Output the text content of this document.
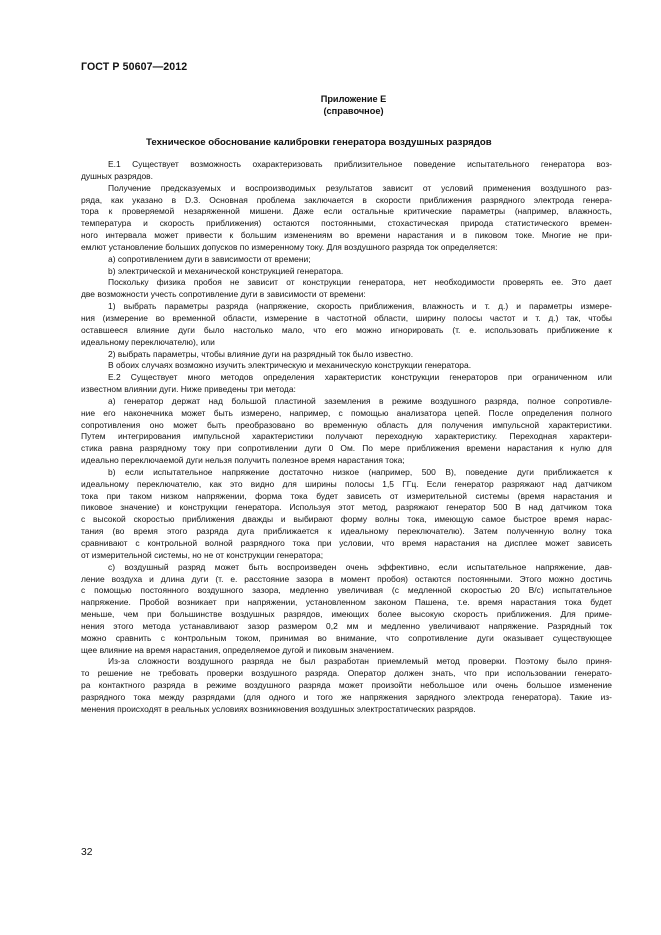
ГОСТ Р 50607—2012
Приложение Е
(справочное)
Техническое обоснование калибровки генератора воздушных разрядов
Е.1 Существует возможность охарактеризовать приблизительное поведение испытательного генератора воз-
душных разрядов.
Получение предсказуемых и воспроизводимых результатов зависит от условий применения воздушного раз-
ряда, как указано в D.3. Основная проблема заключается в скорости приближения разрядного электрода генера-
тора к проверяемой незаряженной мишени. Даже если остальные критические параметры (например, влажность,
температура и скорость приближения) остаются постоянными, стохастическая природа статистического времен-
ного интервала может привести к большим изменениям во времени нарастания и в пиковом токе. Многие не при-
емлют установление больших допусков по измеренному току. Для воздушного разряда ток определяется:
а) сопротивлением дуги в зависимости от времени;
b) электрической и механической конструкцией генератора.
Поскольку физика пробоя не зависит от конструкции генератора, нет необходимости проверять ее. Это дает
две возможности учесть сопротивление дуги в зависимости от времени:
1) выбрать параметры разряда (напряжение, скорость приближения, влажность и т. д.) и параметры измере-
ния (измерение во временной области, измерение в частотной области, ширину полосы частот и т. д.) так, чтобы
оставшееся влияние дуги было настолько мало, что его можно игнорировать (т. е. использовать приближение к
идеальному переключателю), или
2) выбрать параметры, чтобы влияние дуги на разрядный ток было известно.
В обоих случаях возможно изучить электрическую и механическую конструкции генератора.
Е.2 Существует много методов определения характеристик конструкции генераторов при ограниченном или
известном влиянии дуги. Ниже приведены три метода:
а) генератор держат над большой пластиной заземления в режиме воздушного разряда, полное сопротивле-
ние его наконечника может быть измерено, например, с помощью анализатора цепей. После определения полного
сопротивления оно может быть преобразовано во временную область для получения импульсной характеристики.
Путем интегрирования импульсной характеристики получают переходную характеристику. Переходная характери-
стика равна разрядному току при сопротивлении дуги 0 Ом. По мере приближения времени нарастания к нулю для
идеально переключаемой дуги нельзя получить полезное время нарастания тока;
b) если испытательное напряжение достаточно низкое (например, 500 В), поведение дуги приближается к
идеальному переключателю, как это видно для ширины полосы 1,5 ГГц. Если генератор разряжают над датчиком
тока при таком низком напряжении, форма тока будет зависеть от измерительной системы (время нарастания и
пиковое значение) и конструкции генератора. Используя этот метод, разряжают генератор 500 В над датчиком тока
с высокой скоростью приближения дважды и выбирают форму волны тока, имеющую самое быстрое время нарас-
тания (во время этого разряда дуга приближается к идеальному переключателю). Затем полученную волну тока
сравнивают с контрольной волной разрядного тока при условии, что время нарастания на дисплее может зависеть
от измерительной системы, но не от конструкции генератора;
с) воздушный разряд может быть воспроизведен очень эффективно, если испытательное напряжение, дав-
ление воздуха и длина дуги (т. е. расстояние зазора в момент пробоя) остаются постоянными. Этого можно достичь
с помощью постоянного воздушного зазора, медленно увеличивая (с медленной скоростью 20 В/с) испытательное
напряжение. Пробой возникает при напряжении, установленном законом Пашена, т.е. время нарастания тока будет
меньше, чем при большинстве воздушных разрядов, имеющих более высокую скорость приближения. Для приме-
нения этого метода устанавливают зазор размером 0,2 мм и медленно увеличивают напряжение. Разрядный ток
можно сравнить с контрольным током, принимая во внимание, что сопротивление дуги оказывает существующее
щее влияние на время нарастания, определяемое дугой и пиковым значением.
Из-за сложности воздушного разряда не был разработан приемлемый метод проверки. Поэтому было приня-
то решение не требовать проверки воздушного разряда. Оператор должен знать, что при использовании генерато-
ра контактного разряда в режиме воздушного разряда может произойти небольшое или очень большое изменение
разрядного тока между разрядами (для одного и того же напряжения зарядного электрода генератора). Такие из-
менения происходят в реальных условиях возникновения воздушных электростатических разрядов.
32
